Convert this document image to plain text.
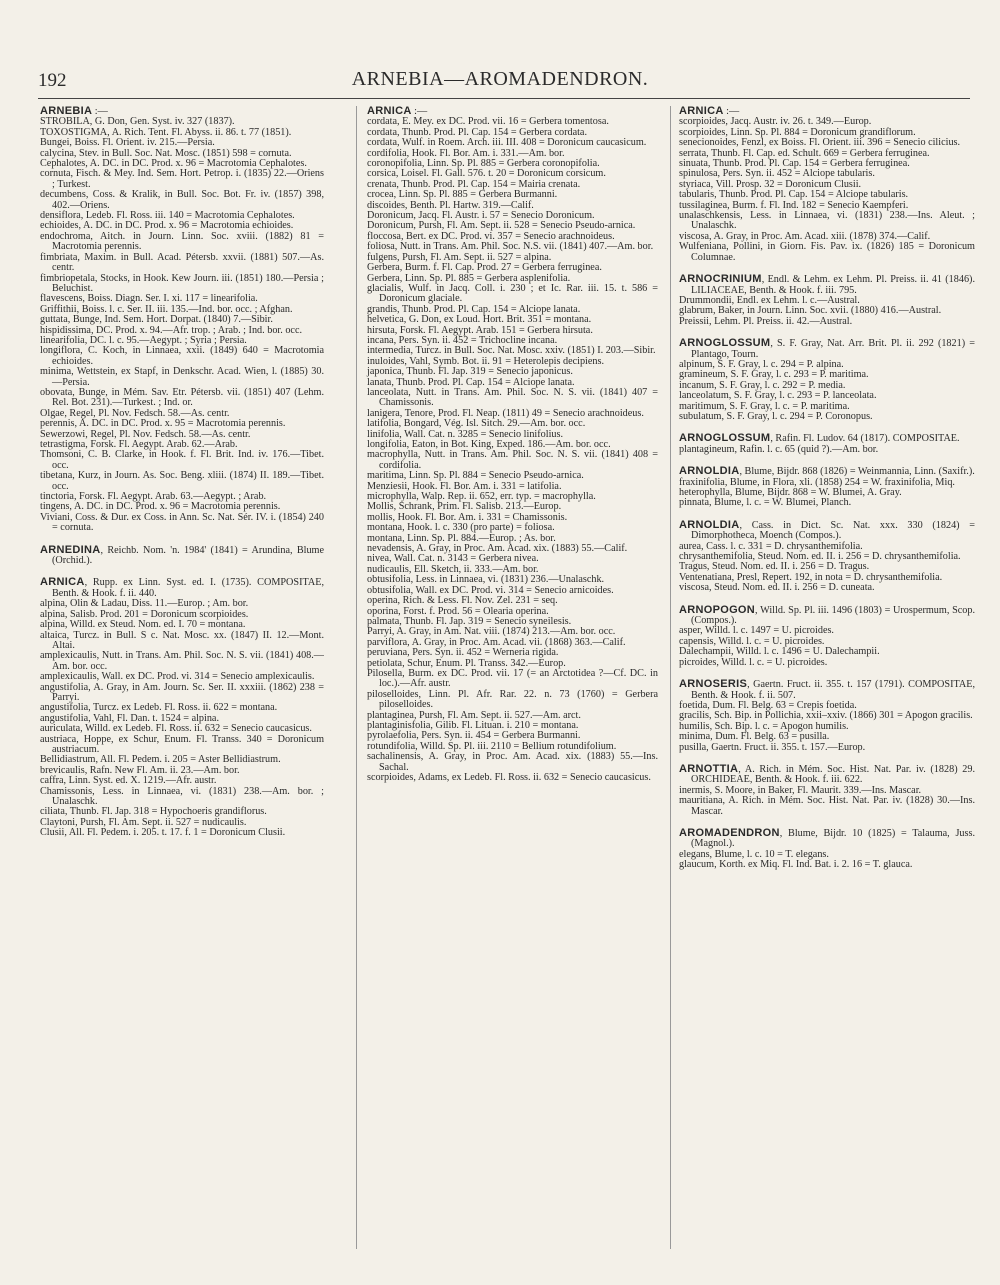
192	ARNEBIA—AROMADENDRON.

ARNEBIA :—

STROBILA, G. Don, Gen. Syst. iv. 327 (1837).

TOXOSTIGMA, A. Rich. Tent. Fl. Abyss. ii. 86. t. 77 (1851).

Bungei, Boiss. Fl. Orient. iv. 215.—Persia.

calycina, Stev. in Bull. Soc. Nat. Mosc. (1851) 598 = cornuta.

Cephalotes, A. DC. in DC. Prod. x. 96 = Macrotomia Cephalotes.

cornuta, Fisch. & Mey. Ind. Sem. Hort. Petrop. i. (1835) 22.—Oriens ; Turkest.

decumbens, Coss. & Kralik, in Bull. Soc. Bot. Fr. iv. (1857) 398, 402.—Oriens.

densiflora, Ledeb. Fl. Ross. iii. 140 = Macrotomia Cephalotes.

echioides, A. DC. in DC. Prod. x. 96 = Macrotomia echioides.

endochroma, Aitch. in Journ. Linn. Soc. xviii. (1882) 81 = Macrotomia perennis.

fimbriata, Maxim. in Bull. Acad. Pétersb. xxvii. (1881) 507.—As. centr.

fimbriopetala, Stocks, in Hook. Kew Journ. iii. (1851) 180.—Persia ; Beluchist.

flavescens, Boiss. Diagn. Ser. I. xi. 117 = linearifolia.

Griffithii, Boiss. l. c. Ser. II. iii. 135.—Ind. bor. occ. ; Afghan.

guttata, Bunge, Ind. Sem. Hort. Dorpat. (1840) 7.—Sibir.

hispidissima, DC. Prod. x. 94.—Afr. trop. ; Arab. ; Ind. bor. occ.

linearifolia, DC. l. c. 95.—Aegypt. ; Syria ; Persia.

longiflora, C. Koch, in Linnaea, xxii. (1849) 640 = Macrotomia echioides.

minima, Wettstein, ex Stapf, in Denkschr. Acad. Wien, l. (1885) 30.—Persia.

obovata, Bunge, in Mém. Sav. Etr. Pétersb. vii. (1851) 407 (Lehm. Rel. Bot. 231).—Turkest. ; Ind. or.

Olgae, Regel, Pl. Nov. Fedsch. 58.—As. centr.

perennis, A. DC. in DC. Prod. x. 95 = Macrotomia perennis.

Sewerzowi, Regel, Pl. Nov. Fedsch. 58.—As. centr.

tetrastigma, Forsk. Fl. Aegypt. Arab. 62.—Arab.

Thomsoni, C. B. Clarke, in Hook. f. Fl. Brit. Ind. iv. 176.—Tibet. occ.

tibetana, Kurz, in Journ. As. Soc. Beng. xliii. (1874) II. 189.—Tibet. occ.

tinctoria, Forsk. Fl. Aegypt. Arab. 63.—Aegypt. ; Arab.

tingens, A. DC. in DC. Prod. x. 96 = Macrotomia perennis.

Viviani, Coss. & Dur. ex Coss. in Ann. Sc. Nat. Sér. IV. i. (1854) 240 = cornuta.

ARNEDINA, Reichb. Nom. 'n. 1984' (1841) = Arundina, Blume (Orchid.).

ARNICA, Rupp. ex Linn. Syst. ed. I. (1735). COMPOSITAE, Benth. & Hook. f. ii. 440.

alpina, Olin & Ladau, Diss. 11.—Europ. ; Am. bor.

alpina, Salisb. Prod. 201 = Doronicum scorpioides.

alpina, Willd. ex Steud. Nom. ed. I. 70 = montana.

altaica, Turcz. in Bull. S c. Nat. Mosc. xx. (1847) II. 12.—Mont. Altai.

amplexicaulis, Nutt. in Trans. Am. Phil. Soc. N. S. vii. (1841) 408.—Am. bor. occ.

amplexicaulis, Wall. ex DC. Prod. vi. 314 = Senecio amplexicaulis.

angustifolia, A. Gray, in Am. Journ. Sc. Ser. II. xxxiii. (1862) 238 = Parryi.

angustifolia, Turcz. ex Ledeb. Fl. Ross. ii. 622 = montana.

angustifolia, Vahl, Fl. Dan. t. 1524 = alpina.

auriculata, Willd. ex Ledeb. Fl. Ross. ii. 632 = Senecio caucasicus.

austriaca, Hoppe, ex Schur, Enum. Fl. Transs. 340 = Doronicum austriacum.

Bellidiastrum, All. Fl. Pedem. i. 205 = Aster Bellidiastrum.

brevicaulis, Rafn. New Fl. Am. ii. 23.—Am. bor.

caffra, Linn. Syst. ed. X. 1219.—Afr. austr.

Chamissonis, Less. in Linnaea, vi. (1831) 238.—Am. bor. ; Unalaschk.

ciliata, Thunb. Fl. Jap. 318 = Hypochoeris grandiflorus.

Claytoni, Pursh, Fl. Am. Sept. ii. 527 = nudicaulis.

Clusii, All. Fl. Pedem. i. 205. t. 17. f. 1 = Doronicum Clusii.

ARNICA :—

cordata, E. Mey. ex DC. Prod. vii. 16 = Gerbera tomentosa.

cordata, Thunb. Prod. Pl. Cap. 154 = Gerbera cordata.

cordata, Wulf. in Roem. Arch. iii. III. 408 = Doronicum caucasicum.

cordifolia, Hook. Fl. Bor. Am. i. 331.—Am. bor.

coronopifolia, Linn. Sp. Pl. 885 = Gerbera coronopifolia.

corsica, Loisel. Fl. Gall. 576. t. 20 = Doronicum corsicum.

crenata, Thunb. Prod. Pl. Cap. 154 = Mairia crenata.

crocea, Linn. Sp. Pl. 885 = Gerbera Burmanni.

discoides, Benth. Pl. Hartw. 319.—Calif.

Doronicum, Jacq. Fl. Austr. i. 57 = Senecio Doronicum.

Doronicum, Pursh, Fl. Am. Sept. ii. 528 = Senecio Pseudo-arnica.

floccosa, Bert. ex DC. Prod. vi. 357 = Senecio arachnoideus.

foliosa, Nutt. in Trans. Am. Phil. Soc. N.S. vii. (1841) 407.—Am. bor.

fulgens, Pursh, Fl. Am. Sept. ii. 527 = alpina.

Gerbera, Burm. f. Fl. Cap. Prod. 27 = Gerbera ferruginea.

Gerbera, Linn. Sp. Pl. 885 = Gerbera asplenifolia.

glacialis, Wulf. in Jacq. Coll. i. 230 ; et Ic. Rar. iii. 15. t. 586 = Doronicum glaciale.

grandis, Thunb. Prod. Pl. Cap. 154 = Alciope lanata.

helvetica, G. Don, ex Loud. Hort. Brit. 351 = montana.

hirsuta, Forsk. Fl. Aegypt. Arab. 151 = Gerbera hirsuta.

incana, Pers. Syn. ii. 452 = Trichocline incana.

intermedia, Turcz. in Bull. Soc. Nat. Mosc. xxiv. (1851) I. 203.—Sibir.

inuloides, Vahl, Symb. Bot. ii. 91 = Heterolepis decipiens.

japonica, Thunb. Fl. Jap. 319 = Senecio japonicus.

lanata, Thunb. Prod. Pl. Cap. 154 = Alciope lanata.

lanceolata, Nutt. in Trans. Am. Phil. Soc. N. S. vii. (1841) 407 = Chamissonis.

lanigera, Tenore, Prod. Fl. Neap. (1811) 49 = Senecio arachnoideus.

latifolia, Bongard, Vég. Isl. Sitch. 29.—Am. bor. occ.

linifolia, Wall. Cat. n. 3285 = Senecio linifolius.

longifolia, Eaton, in Bot. King, Exped. 186.—Am. bor. occ.

macrophylla, Nutt. in Trans. Am. Phil. Soc. N. S. vii. (1841) 408 = cordifolia.

maritima, Linn. Sp. Pl. 884 = Senecio Pseudo-arnica.

Menziesii, Hook. Fl. Bor. Am. i. 331 = latifolia.

microphylla, Walp. Rep. ii. 652, err. typ. = macrophylla.

Mollis, Schrank, Prim. Fl. Salisb. 213.—Europ.

mollis, Hook. Fl. Bor. Am. i. 331 = Chamissonis.

montana, Hook. l. c. 330 (pro parte) = foliosa.

montana, Linn. Sp. Pl. 884.—Europ. ; As. bor.

nevadensis, A. Gray, in Proc. Am. Acad. xix. (1883) 55.—Calif.

nivea, Wall. Cat. n. 3143 = Gerbera nivea.

nudicaulis, Ell. Sketch, ii. 333.—Am. bor.

obtusifolia, Less. in Linnaea, vi. (1831) 236.—Unalaschk.

obtusifolia, Wall. ex DC. Prod. vi. 314 = Senecio arnicoides.

operina, Rich. & Less. Fl. Nov. Zel. 231 = seq.

oporina, Forst. f. Prod. 56 = Olearia operina.

palmata, Thunb. Fl. Jap. 319 = Senecio syneilesis.

Parryi, A. Gray, in Am. Nat. viii. (1874) 213.—Am. bor. occ.

parviflora, A. Gray, in Proc. Am. Acad. vii. (1868) 363.—Calif.

peruviana, Pers. Syn. ii. 452 = Werneria rigida.

petiolata, Schur, Enum. Pl. Transs. 342.—Europ.

Pilosella, Burm. ex DC. Prod. vii. 17 (= an Arctotidea ?—Cf. DC. in loc.).—Afr. austr.

piloselloides, Linn. Pl. Afr. Rar. 22. n. 73 (1760) = Gerbera piloselloides.

plantaginea, Pursh, Fl. Am. Sept. ii. 527.—Am. arct.

plantaginisfolia, Gilib. Fl. Lituan. i. 210 = montana.

pyrolaefolia, Pers. Syn. ii. 454 = Gerbera Burmanni.

rotundifolia, Willd. Sp. Pl. iii. 2110 = Bellium rotundifolium.

sachalinensis, A. Gray, in Proc. Am. Acad. xix. (1883) 55.—Ins. Sachal.

scorpioides, Adams, ex Ledeb. Fl. Ross. ii. 632 = Senecio caucasicus.

ARNICA :—

scorpioides, Jacq. Austr. iv. 26. t. 349.—Europ.

scorpioides, Linn. Sp. Pl. 884 = Doronicum grandiflorum.

senecionoides, Fenzl, ex Boiss. Fl. Orient. iii. 396 = Senecio cilicius.

serrata, Thunb. Fl. Cap. ed. Schult. 669 = Gerbera ferruginea.

sinuata, Thunb. Prod. Pl. Cap. 154 = Gerbera ferruginea.

spinulosa, Pers. Syn. ii. 452 = Alciope tabularis.

styriaca, Vill. Prosp. 32 = Doronicum Clusii.

tabularis, Thunb. Prod. Pl. Cap. 154 = Alciope tabularis.

tussilaginea, Burm. f. Fl. Ind. 182 = Senecio Kaempferi.

unalaschkensis, Less. in Linnaea, vi. (1831) 238.—Ins. Aleut. ; Unalaschk.

viscosa, A. Gray, in Proc. Am. Acad. xiii. (1878) 374.—Calif.

Wulfeniana, Pollini, in Giorn. Fis. Pav. ix. (1826) 185 = Doronicum Columnae.

ARNOCRINIUM, Endl. & Lehm. ex Lehm. Pl. Preiss. ii. 41 (1846). LILIACEAE, Benth. & Hook. f. iii. 795.

Drummondii, Endl. ex Lehm. l. c.—Austral.

glabrum, Baker, in Journ. Linn. Soc. xvii. (1880) 416.—Austral.

Preissii, Lehm. Pl. Preiss. ii. 42.—Austral.

ARNOGLOSSUM, S. F. Gray, Nat. Arr. Brit. Pl. ii. 292 (1821) = Plantago, Tourn.

alpinum, S. F. Gray, l. c. 294 = P. alpina.

gramineum, S. F. Gray, l. c. 293 = P. maritima.

incanum, S. F. Gray, l. c. 292 = P. media.

lanceolatum, S. F. Gray, l. c. 293 = P. lanceolata.

maritimum, S. F. Gray, l. c. = P. maritima.

subulatum, S. F. Gray, l. c. 294 = P. Coronopus.

ARNOGLOSSUM, Rafin. Fl. Ludov. 64 (1817). COMPOSITAE.

plantagineum, Rafin. l. c. 65 (quid ?).—Am. bor.

ARNOLDIA, Blume, Bijdr. 868 (1826) = Weinmannia, Linn. (Saxifr.).

fraxinifolia, Blume, in Flora, xli. (1858) 254 = W. fraxinifolia, Miq.

heterophylla, Blume, Bijdr. 868 = W. Blumei, A. Gray.

pinnata, Blume, l. c. = W. Blumei, Planch.

ARNOLDIA, Cass. in Dict. Sc. Nat. xxx. 330 (1824) = Dimorphotheca, Moench (Compos.).

aurea, Cass. l. c. 331 = D. chrysanthemifolia.

chrysanthemifolia, Steud. Nom. ed. II. i. 256 = D. chrysanthemifolia.

Tragus, Steud. Nom. ed. II. i. 256 = D. Tragus.

Ventenatiana, Presl, Repert. 192, in nota = D. chrysanthemifolia.

viscosa, Steud. Nom. ed. II. i. 256 = D. cuneata.

ARNOPOGON, Willd. Sp. Pl. iii. 1496 (1803) = Urospermum, Scop. (Compos.).

asper, Willd. l. c. 1497 = U. picroides.

capensis, Willd. l. c. = U. picroides.

Dalechampii, Willd. l. c. 1496 = U. Dalechampii.

picroides, Willd. l. c. = U. picroides.

ARNOSERIS, Gaertn. Fruct. ii. 355. t. 157 (1791). COMPOSITAE, Benth. & Hook. f. ii. 507.

foetida, Dum. Fl. Belg. 63 = Crepis foetida.

gracilis, Sch. Bip. in Pollichia, xxii–xxiv. (1866) 301 = Apogon gracilis.

humilis, Sch. Bip. l. c. = Apogon humilis.

minima, Dum. Fl. Belg. 63 = pusilla.

pusilla, Gaertn. Fruct. ii. 355. t. 157.—Europ.

ARNOTTIA, A. Rich. in Mém. Soc. Hist. Nat. Par. iv. (1828) 29. ORCHIDEAE, Benth. & Hook. f. iii. 622.

inermis, S. Moore, in Baker, Fl. Maurit. 339.—Ins. Mascar.

mauritiana, A. Rich. in Mém. Soc. Hist. Nat. Par. iv. (1828) 30.—Ins. Mascar.

AROMADENDRON, Blume, Bijdr. 10 (1825) = Talauma, Juss. (Magnol.).

elegans, Blume, l. c. 10 = T. elegans.

glaucum, Korth. ex Miq. Fl. Ind. Bat. i. 2. 16 = T. glauca.
